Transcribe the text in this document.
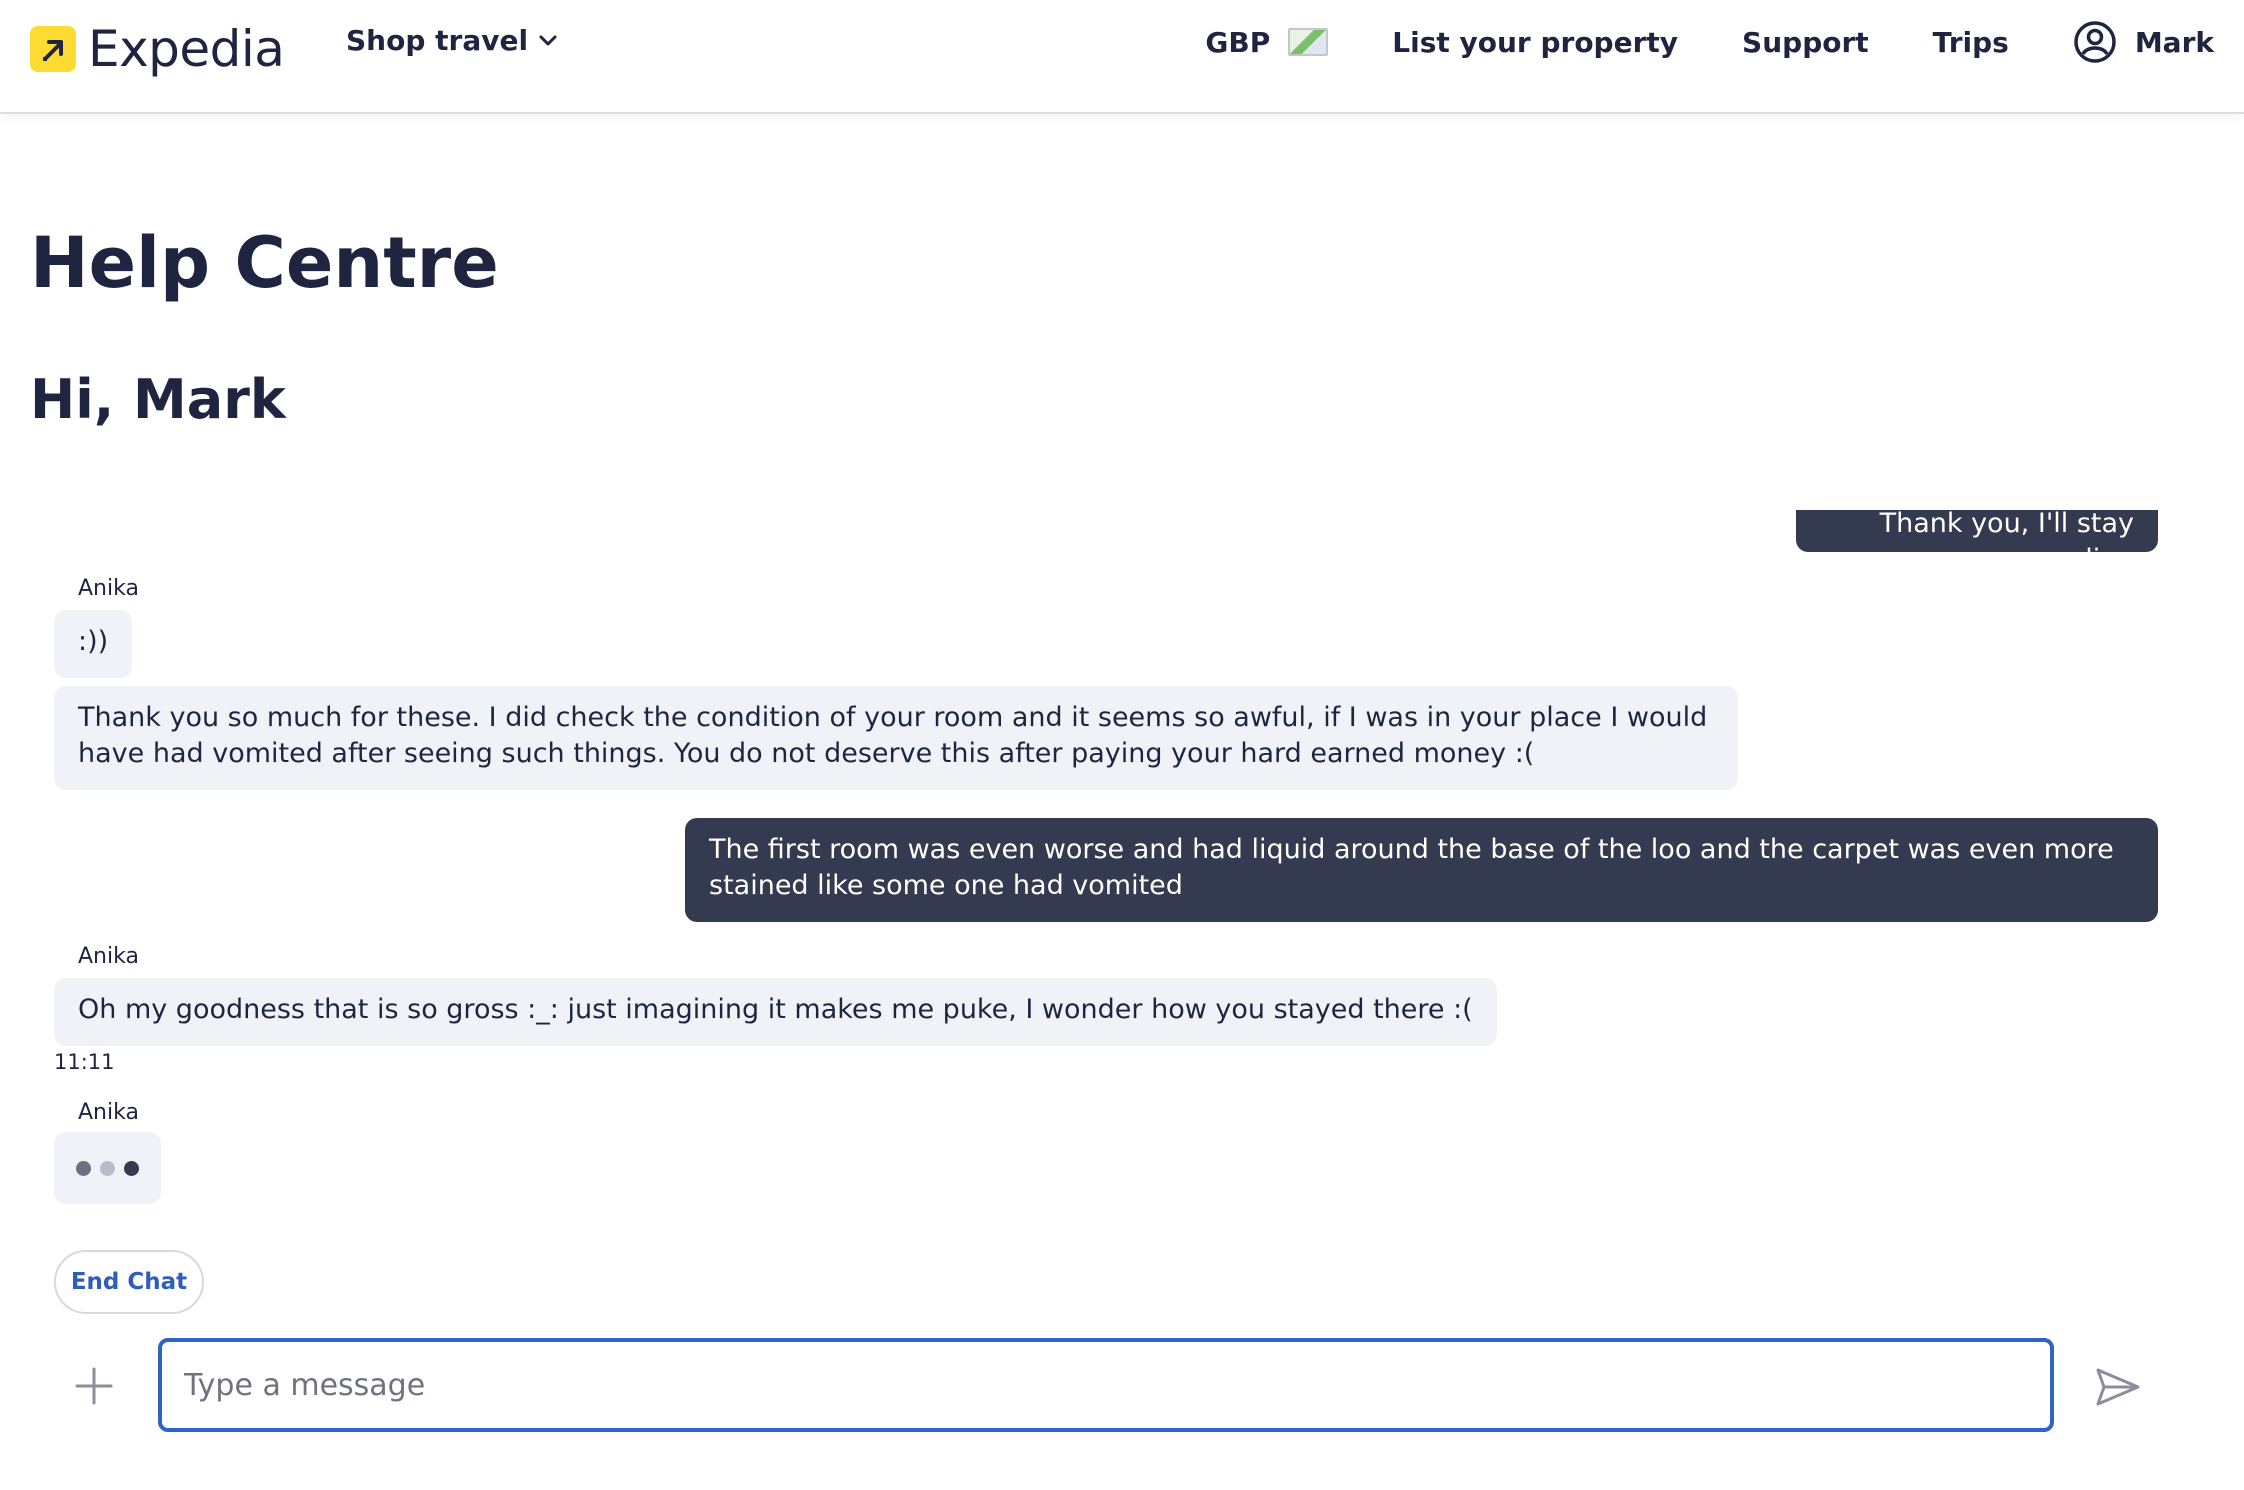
Expedia Shop travel	GBP	List your property Support Trips	Mark
Help Centre
Hi, Mark
Thank you, I'll stay online
Anika
:))
Thank you so much for these. I did check the condition of your room and it seems so awful, if I was in your place I would have had vomited after seeing such things. You do not deserve this after paying your hard earned money :(
The first room was even worse and had liquid around the base of the loo and the carpet was even more stained like some one had vomited
Anika
Oh my goodness that is so gross :_: just imagining it makes me puke, I wonder how you stayed there :(
11:11
Anika
End Chat
Type a message
